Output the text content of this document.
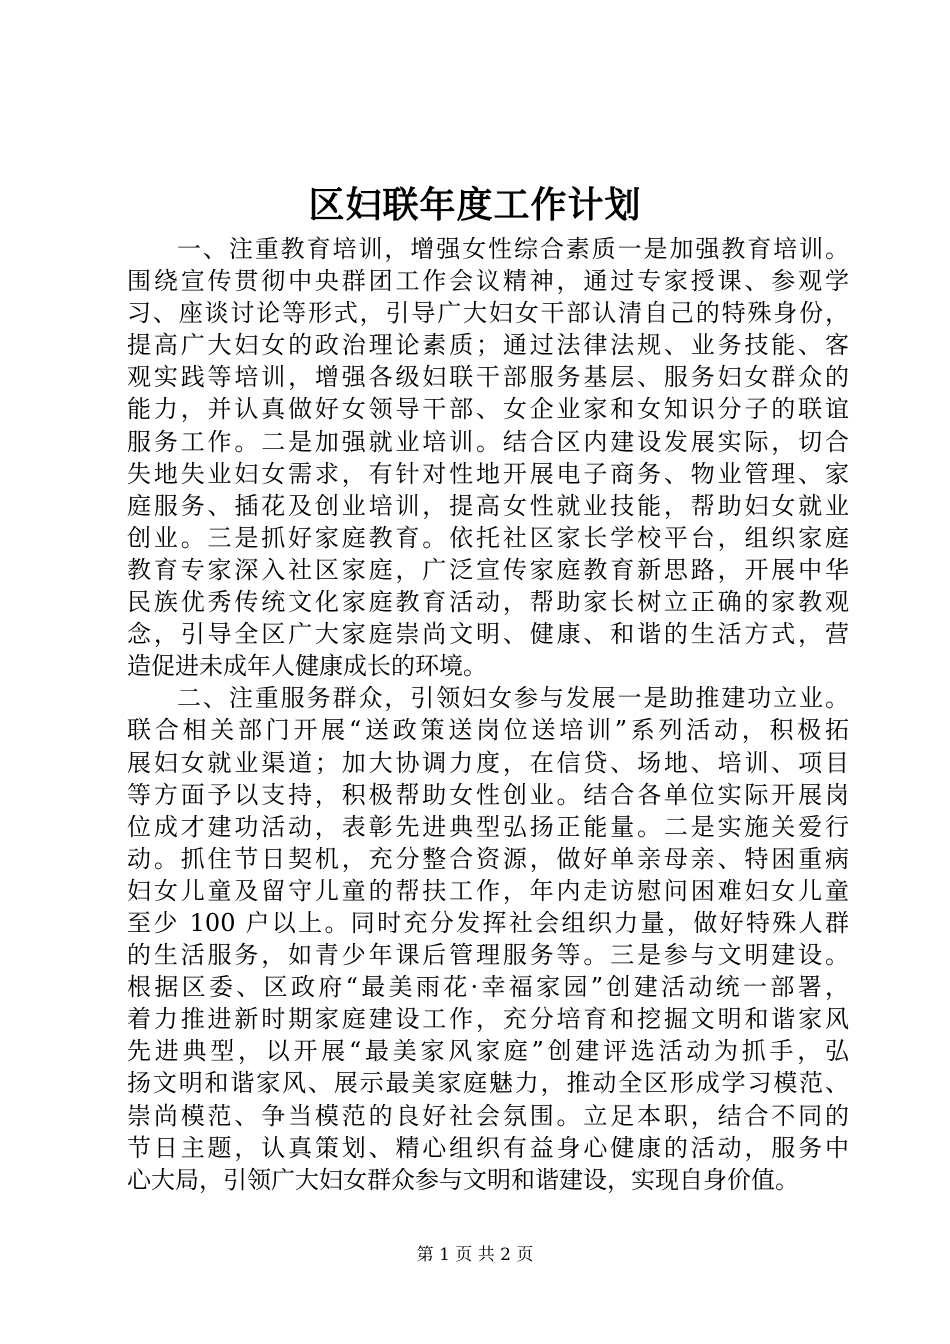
区妇联年度工作计划
一、注重教育培训，增强女性综合素质一是加强教育培训。
围绕宣传贯彻中央群团工作会议精神，通过专家授课、参观学
习、座谈讨论等形式，引导广大妇女干部认清自己的特殊身份，
提高广大妇女的政治理论素质；通过法律法规、业务技能、客
观实践等培训，增强各级妇联干部服务基层、服务妇女群众的
能力，并认真做好女领导干部、女企业家和女知识分子的联谊
服务工作。二是加强就业培训。结合区内建设发展实际，切合
失地失业妇女需求，有针对性地开展电子商务、物业管理、家
庭服务、插花及创业培训，提高女性就业技能，帮助妇女就业
创业。三是抓好家庭教育。依托社区家长学校平台，组织家庭
教育专家深入社区家庭，广泛宣传家庭教育新思路，开展中华
民族优秀传统文化家庭教育活动，帮助家长树立正确的家教观
念，引导全区广大家庭崇尚文明、健康、和谐的生活方式，营
造促进未成年人健康成长的环境。
二、注重服务群众，引领妇女参与发展一是助推建功立业。
联合相关部门开展“送政策送岗位送培训”系列活动，积极拓
展妇女就业渠道；加大协调力度，在信贷、场地、培训、项目
等方面予以支持，积极帮助女性创业。结合各单位实际开展岗
位成才建功活动，表彰先进典型弘扬正能量。二是实施关爱行
动。抓住节日契机，充分整合资源，做好单亲母亲、特困重病
妇女儿童及留守儿童的帮扶工作，年内走访慰问困难妇女儿童
至少 100 户以上。同时充分发挥社会组织力量，做好特殊人群
的生活服务，如青少年课后管理服务等。三是参与文明建设。
根据区委、区政府“最美雨花·幸福家园”创建活动统一部署，
着力推进新时期家庭建设工作，充分培育和挖掘文明和谐家风
先进典型，以开展“最美家风家庭”创建评选活动为抓手，弘
扬文明和谐家风、展示最美家庭魅力，推动全区形成学习模范、
崇尚模范、争当模范的良好社会氛围。立足本职，结合不同的
节日主题，认真策划、精心组织有益身心健康的活动，服务中
心大局，引领广大妇女群众参与文明和谐建设，实现自身价值。
第 1 页 共 2 页
